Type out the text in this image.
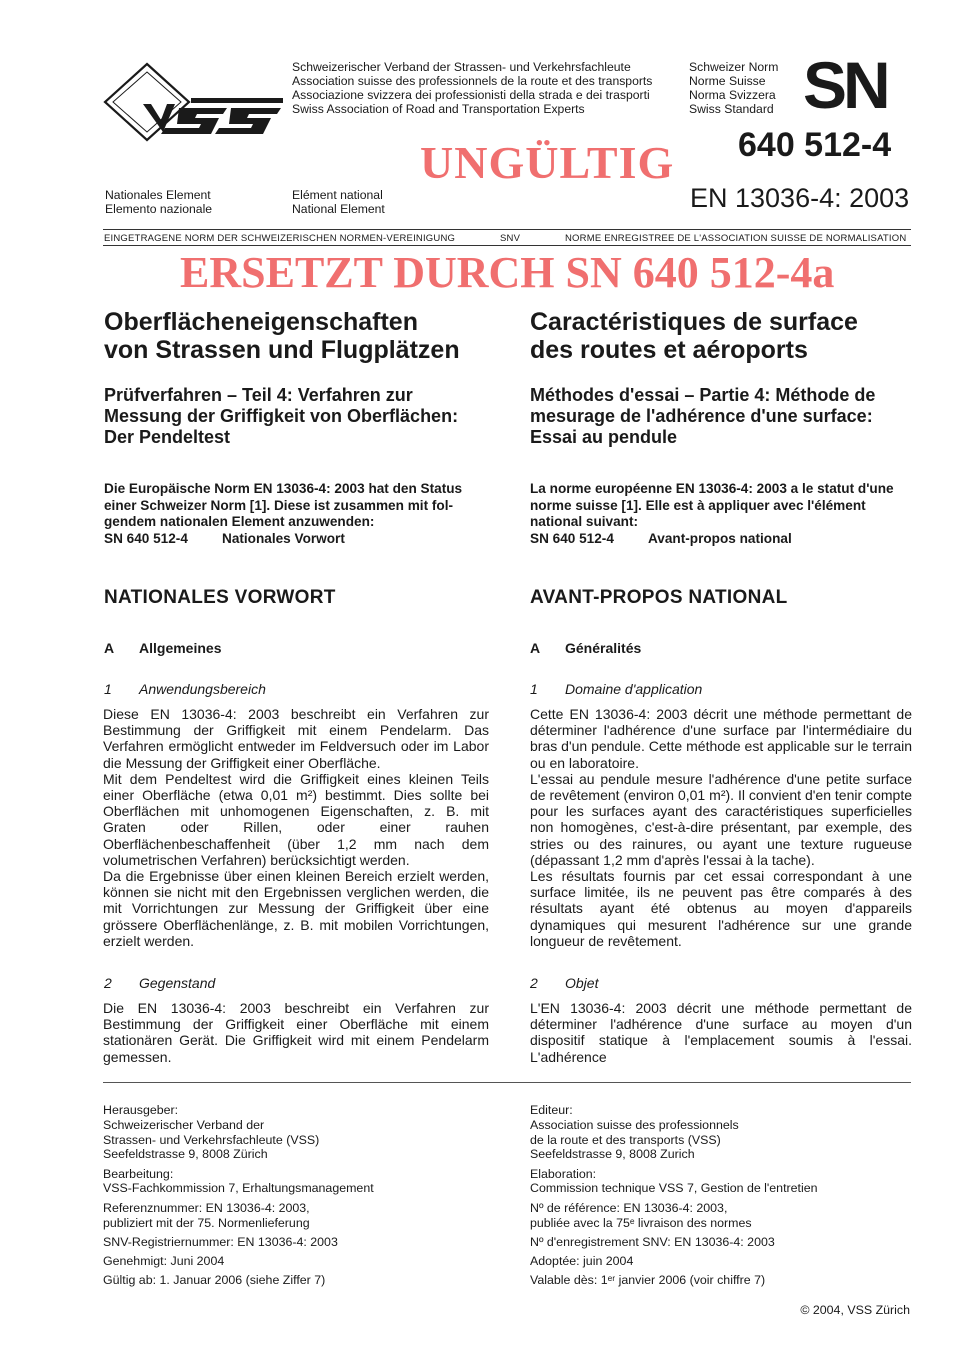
Schweizerischer Verband der Strassen- und Verkehrsfachleute
Association suisse des professionnels de la route et des transports
Associazione svizzera dei professionisti della strada e dei trasporti
Swiss Association of Road and Transportation Experts
Schweizer Norm
Norme Suisse
Norma Svizzera
Swiss Standard SN
UNGÜLTIG 640 512-4
Nationales Element
Elemento nazionale
Elément national
National Element	EN 13036-4: 2003
EINGETRAGENE NORM DER SCHWEIZERISCHEN NORMEN-VEREINIGUNG	SNV	NORME ENREGISTREE DE L'ASSOCIATION SUISSE DE NORMALISATION
ERSETZT DURCH SN 640 512-4a
Oberflächeneigenschaften
von Strassen und Flugplätzen
Prüfverfahren – Teil 4: Verfahren zur
Messung der Griffigkeit von Oberflächen:
Der Pendeltest
Die Europäische Norm EN 13036-4: 2003 hat den Status
einer Schweizer Norm [1]. Diese ist zusammen mit fol-
gendem nationalen Element anzuwenden:
SN 640 512-4	Nationales Vorwort
NATIONALES VORWORT
A Allgemeines
1 Anwendungsbereich

Diese EN 13036-4: 2003 beschreibt ein Verfahren zur Bestimmung der Griffigkeit mit einem Pendelarm. Das Verfahren ermöglicht entweder im Feldversuch oder im Labor die Messung der Griffigkeit einer Oberfläche.

Mit dem Pendeltest wird die Griffigkeit eines kleinen Teils einer Oberfläche (etwa 0,01 m²) bestimmt. Dies sollte bei Oberflächen mit unhomogenen Eigenschaften, z. B. mit Graten oder Rillen, oder einer rauhen Oberflächenbeschaffenheit (über 1,2 mm nach dem volumetrischen Verfahren) berücksichtigt werden.

Da die Ergebnisse über einen kleinen Bereich erzielt werden, können sie nicht mit den Ergebnissen verglichen werden, die mit Vorrichtungen zur Messung der Griffigkeit über eine grössere Oberflächenlänge, z. B. mit mobilen Vorrichtungen, erzielt werden.

2 Gegenstand

Die EN 13036-4: 2003 beschreibt ein Verfahren zur Bestimmung der Griffigkeit einer Oberfläche mit einem stationären Gerät. Die Griffigkeit wird mit einem Pendelarm gemessen.

Caractéristiques de surface
des routes et aéroports
Méthodes d'essai – Partie 4: Méthode de
mesurage de l'adhérence d'une surface:
Essai au pendule
La norme européenne EN 13036-4: 2003 a le statut d'une
norme suisse [1]. Elle est à appliquer avec l'élément
national suivant:
SN 640 512-4	Avant-propos national
AVANT-PROPOS NATIONAL
A Généralités
1 Domaine d'application

Cette EN 13036-4: 2003 décrit une méthode permettant de déterminer l'adhérence d'une surface par l'intermédiaire du bras d'un pendule. Cette méthode est applicable sur le terrain ou en laboratoire.

L'essai au pendule mesure l'adhérence d'une petite surface de revêtement (environ 0,01 m²). Il convient d'en tenir compte pour les surfaces ayant des caractéristiques superficielles non homogènes, c'est-à-dire présentant, par exemple, des stries ou des rainures, ou ayant une texture rugueuse (dépassant 1,2 mm d'après l'essai à la tache).

Les résultats fournis par cet essai correspondant à une surface limitée, ils ne peuvent pas être comparés à des résultats ayant été obtenus au moyen d'appareils dynamiques qui mesurent l'adhérence sur une grande longueur de revêtement.

2 Objet

L'EN 13036-4: 2003 décrit une méthode permettant de déterminer l'adhérence d'une surface au moyen d'un dispositif statique à l'emplacement soumis à l'essai. L'adhérence

Herausgeber:
Schweizerischer Verband der
Strassen- und Verkehrsfachleute (VSS)
Seefeldstrasse 9, 8008 Zürich

Bearbeitung:
VSS-Fachkommission 7, Erhaltungsmanagement

Referenznummer: EN 13036-4: 2003,
publiziert mit der 75. Normenlieferung

SNV-Registriernummer: EN 13036-4: 2003

Genehmigt: Juni 2004

Gültig ab: 1. Januar 2006 (siehe Ziffer 7)

Editeur:
Association suisse des professionnels
de la route et des transports (VSS)
Seefeldstrasse 9, 8008 Zurich

Elaboration:
Commission technique VSS 7, Gestion de l'entretien

Nº de référence: EN 13036-4: 2003,
publiée avec la 75ᵉ livraison des normes

Nº d'enregistrement SNV: EN 13036-4: 2003

Adoptée: juin 2004

Valable dès: 1ᵉʳ janvier 2006 (voir chiffre 7)

© 2004, VSS Zürich
